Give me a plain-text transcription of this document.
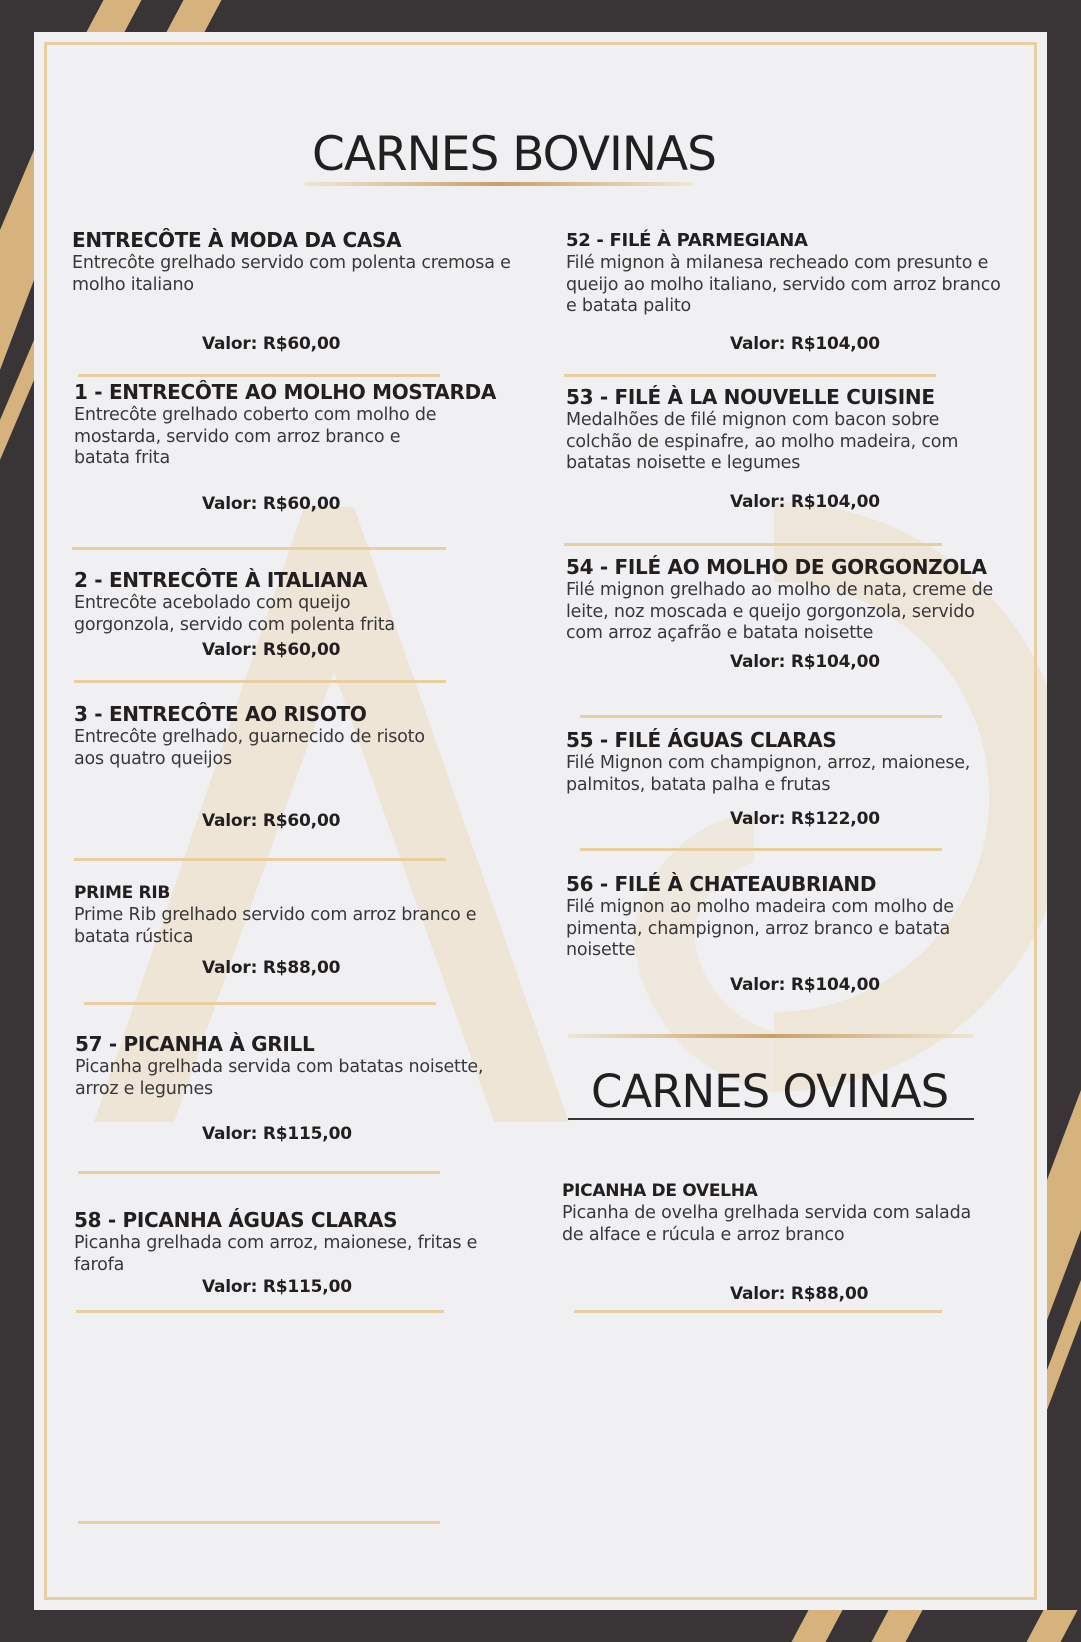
CARNES BOVINAS
ENTRECÔTE À MODA DA CASA
Entrecôte grelhado servido com polenta cremosa e molho italiano
Valor: R$60,00
1 - ENTRECÔTE AO MOLHO MOSTARDA
Entrecôte grelhado coberto com molho de mostarda, servido com arroz branco e batata frita
Valor: R$60,00
2 - ENTRECÔTE À ITALIANA
Entrecôte acebolado com queijo gorgonzola, servido com polenta frita
Valor: R$60,00
3 - ENTRECÔTE AO RISOTO
Entrecôte grelhado, guarnecido de risoto aos quatro queijos
Valor: R$60,00
PRIME RIB
Prime Rib grelhado servido com arroz branco e batata rústica
Valor: R$88,00
57 - PICANHA À GRILL
Picanha grelhada servida com batatas noisette, arroz e legumes
Valor: R$115,00
58 - PICANHA ÁGUAS CLARAS
Picanha grelhada com arroz, maionese, fritas e farofa
Valor: R$115,00
52 - FILÉ À PARMEGIANA
Filé mignon à milanesa recheado com presunto e queijo ao molho italiano, servido com arroz branco e batata palito
Valor: R$104,00
53 - FILÉ À LA NOUVELLE CUISINE
Medalhões de filé mignon com bacon sobre colchão de espinafre, ao molho madeira, com batatas noisette e legumes
Valor: R$104,00
54 - FILÉ AO MOLHO DE GORGONZOLA
Filé mignon grelhado ao molho de nata, creme de leite, noz moscada e queijo gorgonzola, servido com arroz açafrão e batata noisette
Valor: R$104,00
55 - FILÉ ÁGUAS CLARAS
Filé Mignon com champignon, arroz, maionese, palmitos, batata palha e frutas
Valor: R$122,00
56 - FILÉ À CHATEAUBRIAND
Filé mignon ao molho madeira com molho de pimenta, champignon, arroz branco e batata noisette
Valor: R$104,00
CARNES OVINAS
PICANHA DE OVELHA
Picanha de ovelha grelhada servida com salada de alface e rúcula e arroz branco
Valor: R$88,00
